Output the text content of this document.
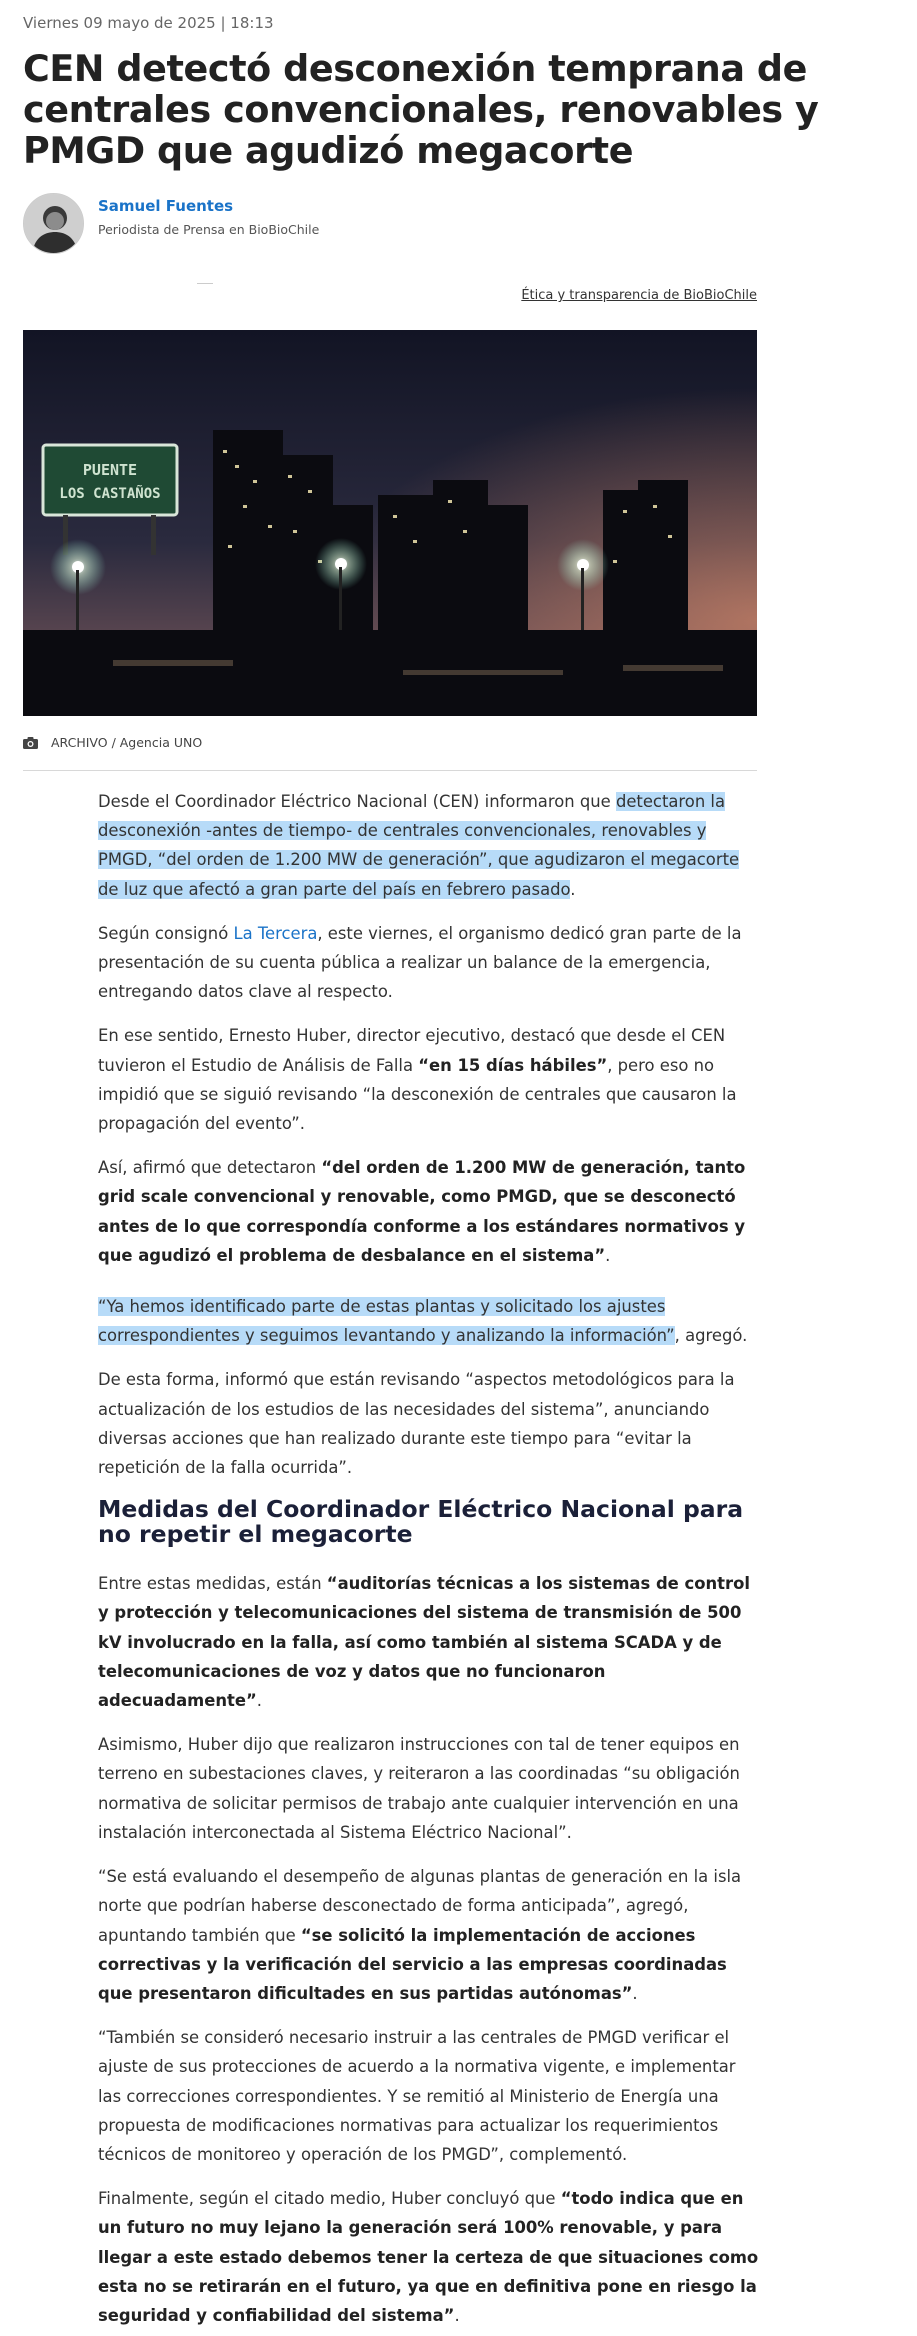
Viernes 09 mayo de 2025 | 18:13
CEN detectó desconexión temprana de centrales convencionales, renovables y PMGD que agudizó megacorte
Samuel Fuentes
Periodista de Prensa en BioBioChile
Ética y transparencia de BioBioChile
PUENTE
LOS CASTAÑOS
ARCHIVO / Agencia UNO

Desde el Coordinador Eléctrico Nacional (CEN) informaron que detectaron la desconexión -antes de tiempo- de centrales convencionales, renovables y PMGD, “del orden de 1.200 MW de generación”, que agudizaron el megacorte de luz que afectó a gran parte del país en febrero pasado.

Según consignó La Tercera, este viernes, el organismo dedicó gran parte de la presentación de su cuenta pública a realizar un balance de la emergencia, entregando datos clave al respecto.

En ese sentido, Ernesto Huber, director ejecutivo, destacó que desde el CEN tuvieron el Estudio de Análisis de Falla “en 15 días hábiles”, pero eso no impidió que se siguió revisando “la desconexión de centrales que causaron la propagación del evento”.

Así, afirmó que detectaron “del orden de 1.200 MW de generación, tanto grid scale convencional y renovable, como PMGD, que se desconectó antes de lo que correspondía conforme a los estándares normativos y que agudizó el problema de desbalance en el sistema”.

“Ya hemos identificado parte de estas plantas y solicitado los ajustes correspondientes y seguimos levantando y analizando la información”, agregó.

De esta forma, informó que están revisando “aspectos metodológicos para la actualización de los estudios de las necesidades del sistema”, anunciando diversas acciones que han realizado durante este tiempo para “evitar la repetición de la falla ocurrida”.

Medidas del Coordinador Eléctrico Nacional para no repetir el megacorte

Entre estas medidas, están “auditorías técnicas a los sistemas de control y protección y telecomunicaciones del sistema de transmisión de 500 kV involucrado en la falla, así como también al sistema SCADA y de telecomunicaciones de voz y datos que no funcionaron adecuadamente”.

Asimismo, Huber dijo que realizaron instrucciones con tal de tener equipos en terreno en subestaciones claves, y reiteraron a las coordinadas “su obligación normativa de solicitar permisos de trabajo ante cualquier intervención en una instalación interconectada al Sistema Eléctrico Nacional”.

“Se está evaluando el desempeño de algunas plantas de generación en la isla norte que podrían haberse desconectado de forma anticipada”, agregó, apuntando también que “se solicitó la implementación de acciones correctivas y la verificación del servicio a las empresas coordinadas que presentaron dificultades en sus partidas autónomas”.

“También se consideró necesario instruir a las centrales de PMGD verificar el ajuste de sus protecciones de acuerdo a la normativa vigente, e implementar las correcciones correspondientes. Y se remitió al Ministerio de Energía una propuesta de modificaciones normativas para actualizar los requerimientos técnicos de monitoreo y operación de los PMGD”, complementó.

Finalmente, según el citado medio, Huber concluyó que “todo indica que en un futuro no muy lejano la generación será 100% renovable, y para llegar a este estado debemos tener la certeza de que situaciones como esta no se retirarán en el futuro, ya que en definitiva pone en riesgo la seguridad y confiabilidad del sistema”.
